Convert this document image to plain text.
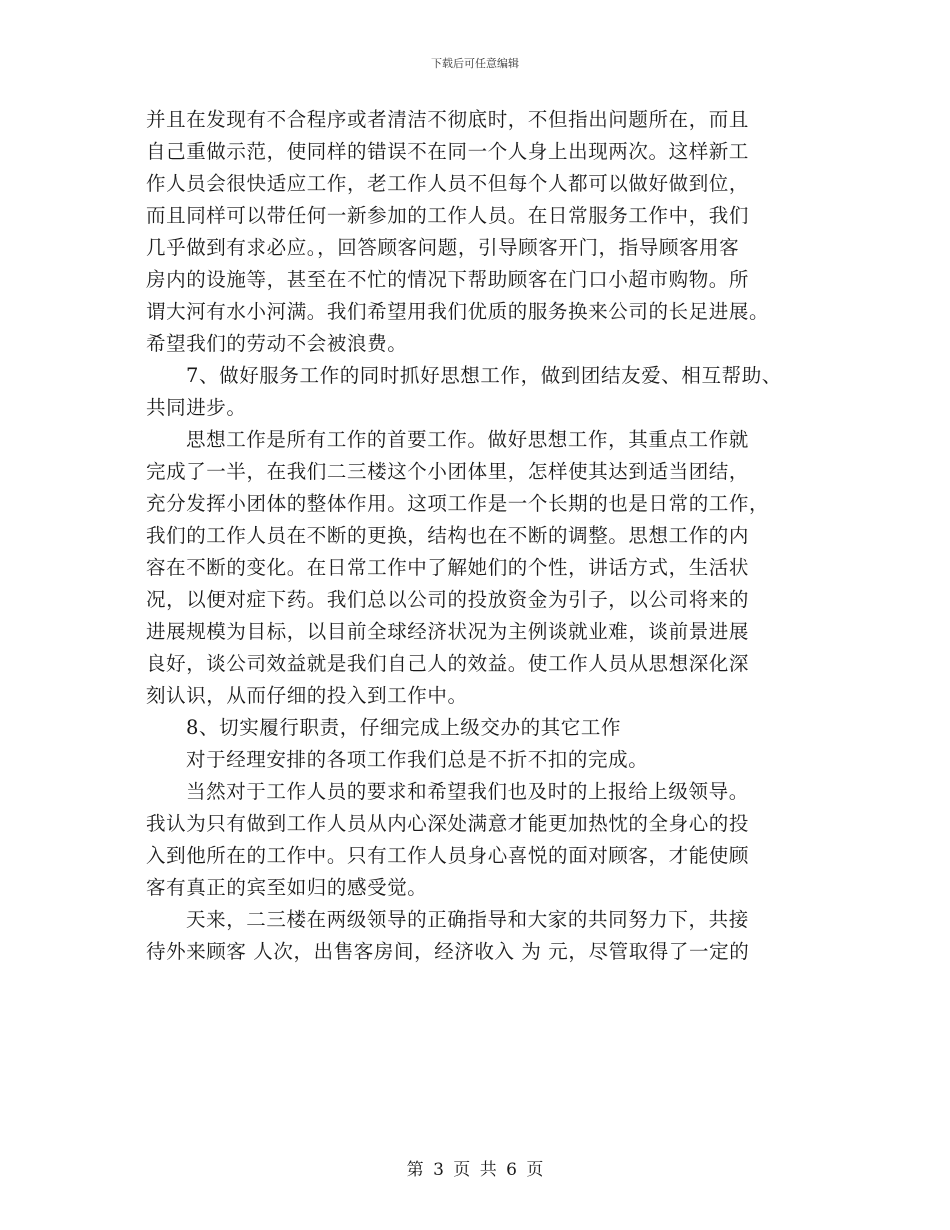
下载后可任意编辑
并且在发现有不合程序或者清洁不彻底时，不但指出问题所在，而且
自己重做示范，使同样的错误不在同一个人身上出现两次。这样新工
作人员会很快适应工作，老工作人员不但每个人都可以做好做到位，
而且同样可以带任何一新参加的工作人员。在日常服务工作中，我们
几乎做到有求必应。，回答顾客问题，引导顾客开门，指导顾客用客
房内的设施等，甚至在不忙的情况下帮助顾客在门口小超市购物。所
谓大河有水小河满。我们希望用我们优质的服务换来公司的长足进展。
希望我们的劳动不会被浪费。
7、做好服务工作的同时抓好思想工作，做到团结友爱、相互帮助、
共同进步。
思想工作是所有工作的首要工作。做好思想工作，其重点工作就
完成了一半，在我们二三楼这个小团体里，怎样使其达到适当团结，
充分发挥小团体的整体作用。这项工作是一个长期的也是日常的工作，
我们的工作人员在不断的更换，结构也在不断的调整。思想工作的内
容在不断的变化。在日常工作中了解她们的个性，讲话方式，生活状
况，以便对症下药。我们总以公司的投放资金为引子，以公司将来的
进展规模为目标，以目前全球经济状况为主例谈就业难，谈前景进展
良好，谈公司效益就是我们自己人的效益。使工作人员从思想深化深
刻认识，从而仔细的投入到工作中。
8、切实履行职责，仔细完成上级交办的其它工作
对于经理安排的各项工作我们总是不折不扣的完成。
当然对于工作人员的要求和希望我们也及时的上报给上级领导。
我认为只有做到工作人员从内心深处满意才能更加热忱的全身心的投
入到他所在的工作中。只有工作人员身心喜悦的面对顾客，才能使顾
客有真正的宾至如归的感受觉。
天来，二三楼在两级领导的正确指导和大家的共同努力下，共接
待外来顾客 人次，出售客房间，经济收入 为 元，尽管取得了一定的
第 3 页 共 6 页
